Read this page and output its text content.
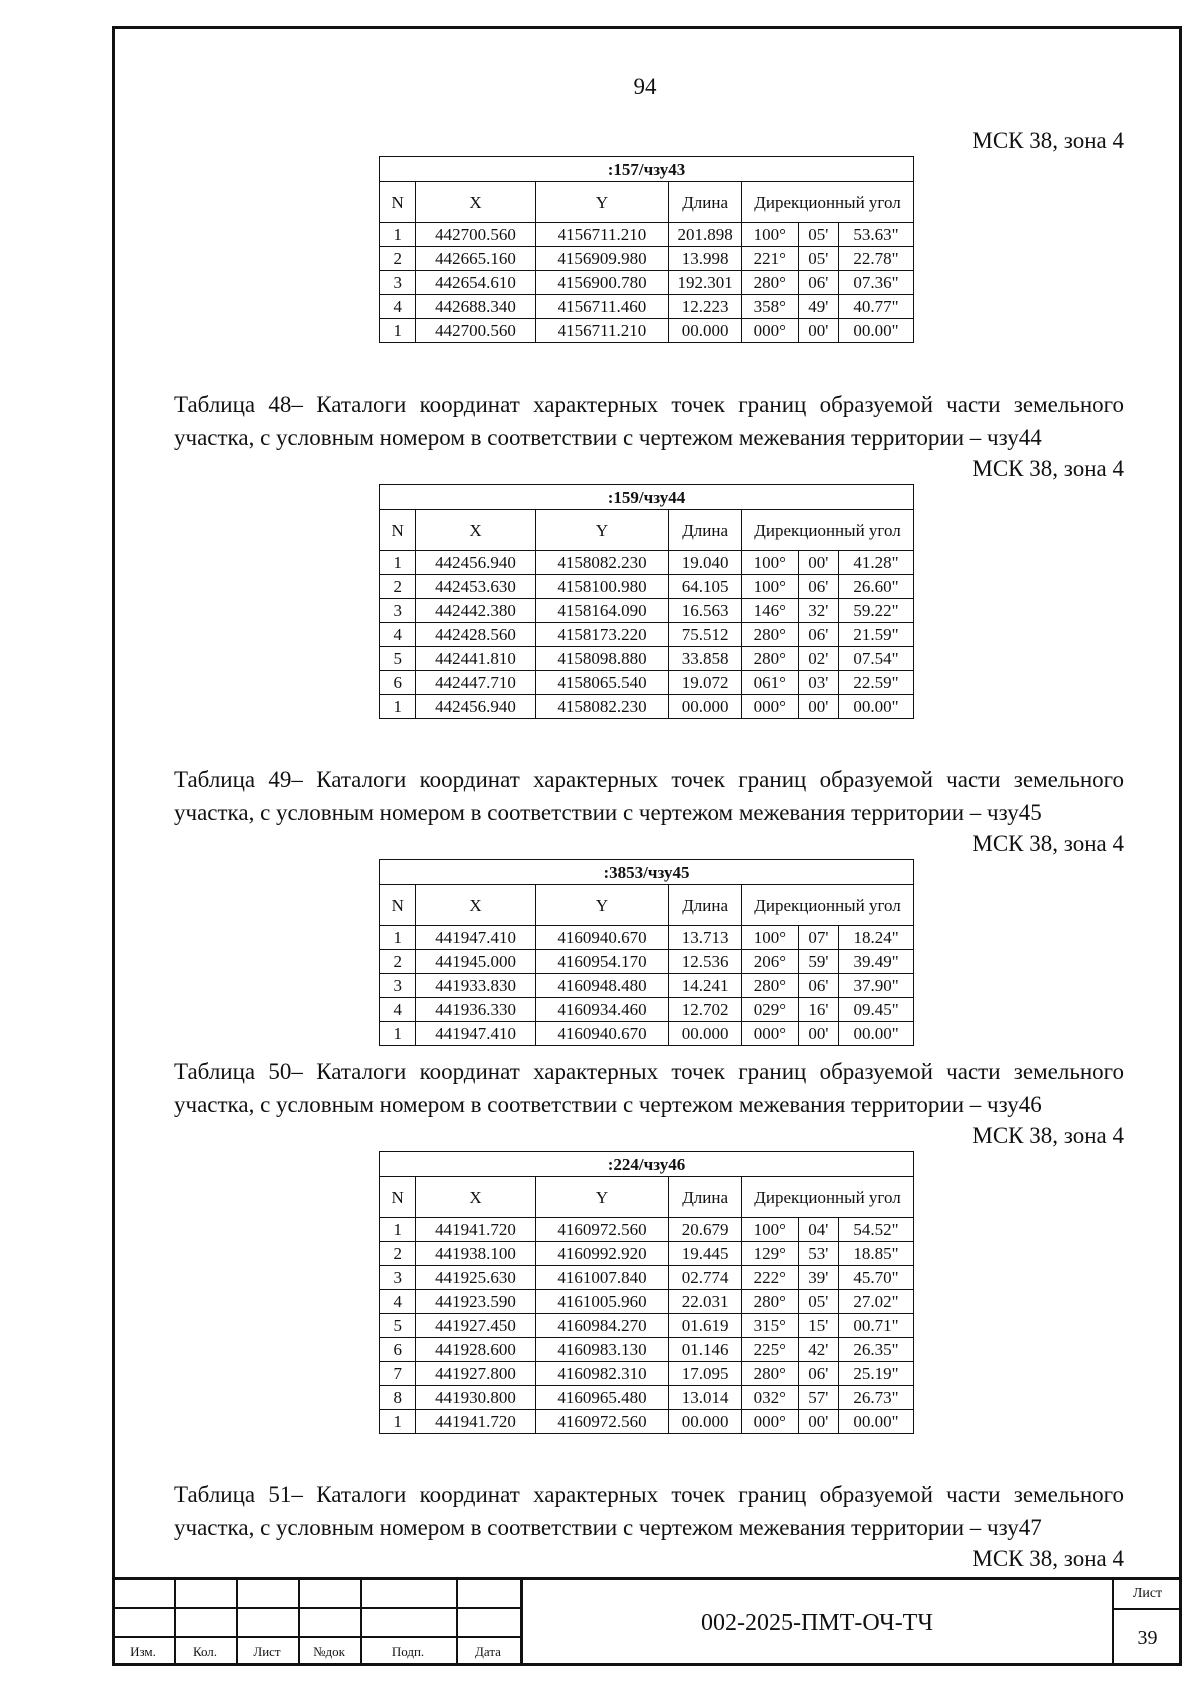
94

МСК 38, зона 4

:157/чзу43						
N	X	Y	Длина	Дирекционный угол		
1	442700.560	4156711.210	201.898	100°	05'	53.63"
2	442665.160	4156909.980	13.998	221°	05'	22.78"
3	442654.610	4156900.780	192.301	280°	06'	07.36"
4	442688.340	4156711.460	12.223	358°	49'	40.77"
1	442700.560	4156711.210	00.000	000°	00'	00.00"

Таблица 48– Каталоги координат характерных точек границ образуемой части земельного участка, с условным номером в соответствии с чертежом межевания территории – чзу44

МСК 38, зона 4

:159/чзу44						
N	X	Y	Длина	Дирекционный угол		
1	442456.940	4158082.230	19.040	100°	00'	41.28"
2	442453.630	4158100.980	64.105	100°	06'	26.60"
3	442442.380	4158164.090	16.563	146°	32'	59.22"
4	442428.560	4158173.220	75.512	280°	06'	21.59"
5	442441.810	4158098.880	33.858	280°	02'	07.54"
6	442447.710	4158065.540	19.072	061°	03'	22.59"
1	442456.940	4158082.230	00.000	000°	00'	00.00"

Таблица 49– Каталоги координат характерных точек границ образуемой части земельного участка, с условным номером в соответствии с чертежом межевания территории – чзу45

МСК 38, зона 4

:3853/чзу45						
N	X	Y	Длина	Дирекционный угол		
1	441947.410	4160940.670	13.713	100°	07'	18.24"
2	441945.000	4160954.170	12.536	206°	59'	39.49"
3	441933.830	4160948.480	14.241	280°	06'	37.90"
4	441936.330	4160934.460	12.702	029°	16'	09.45"
1	441947.410	4160940.670	00.000	000°	00'	00.00"

Таблица 50– Каталоги координат характерных точек границ образуемой части земельного участка, с условным номером в соответствии с чертежом межевания территории – чзу46

МСК 38, зона 4

:224/чзу46						
N	X	Y	Длина	Дирекционный угол		
1	441941.720	4160972.560	20.679	100°	04'	54.52"
2	441938.100	4160992.920	19.445	129°	53'	18.85"
3	441925.630	4161007.840	02.774	222°	39'	45.70"
4	441923.590	4161005.960	22.031	280°	05'	27.02"
5	441927.450	4160984.270	01.619	315°	15'	00.71"
6	441928.600	4160983.130	01.146	225°	42'	26.35"
7	441927.800	4160982.310	17.095	280°	06'	25.19"
8	441930.800	4160965.480	13.014	032°	57'	26.73"
1	441941.720	4160972.560	00.000	000°	00'	00.00"

Таблица 51– Каталоги координат характерных точек границ образуемой части земельного участка, с условным номером в соответствии с чертежом межевания территории – чзу47

МСК 38, зона 4

Изм.	Кол.	Лист	№док	Подп.	Дата
002-2025-ПМТ-ОЧ-ТЧ
Лист
39
